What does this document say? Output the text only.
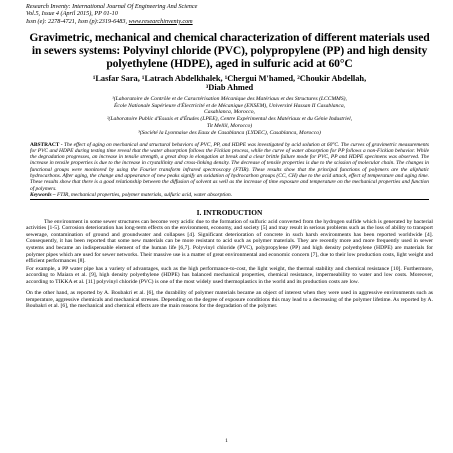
Research Inventy: International Journal Of Engineering And Science
Vol.5, Issue 4 (April 2015), PP 01-10
Issn (e): 2278-4721, Issn (p):2319-6483, www.researchinventy.com
Gravimetric, mechanical and chemical characterization of different materials used in sewers systems: Polyvinyl chloride (PVC), polypropylene (PP) and high density polyethylene (HDPE), aged in sulfuric acid at 60°C
¹Lasfar Sara, ¹Latrach Abdelkhalek, ¹Chergui M'hamed, ²Choukir Abdellah,
³Diab Ahmed
¹(Laboratoire de Contrôle et de Caractérisation Mécanique des Matériaux et des Structures (LCCMMS),
École Nationale Supérieure d'Électricité et de Mécanique (ENSEM), Université Hassan II Casablanca,
Casablanca, Morocco,
²(Laboratoire Public d'Essais et d'Études (LPEE), Centre Expérimental des Matériaux et du Génie Industriel,
Tit Mellil, Morocco)
³(Société la Lyonnaise des Eaux de Casablanca (LYDEC), Casablanca, Morocco)
ABSTRACT - The effect of aging on mechanical and structural behaviors of PVC, PP, and HDPE was investigated by acid solution at 60°C. The curves of gravimetric measurements for PVC and HDPE during testing time reveal that the water absorption follows the Fickian process, while the curve of water absorption for PP follows a non-Fickian behavior. While the degradation progresses, an increase in tensile strength, a great drop in elongation at break and a clear brittle failure mode for PVC, PP and HDPE specimens was observed. The increase in tensile properties is due to the increase in crystallinity and cross-linking density. The decrease of tensile properties is due to the scission of molecular chain. The changes in functional groups were monitored by using the Fourier transform infrared spectroscopy (FTIR). These results show that the principal functions of polymers are the aliphatic hydrocarbons. After aging, the change and appearance of new peaks signify an oxidation of hydrocarbon groups (CC, CH) due to the acid attack, effect of temperature and aging time. These results show that there is a good relationship between the diffusion of solvent as well as the increase of time exposure and temperature on the mechanical properties and function of polymers.
Keywords – FTIR, mechanical properties, polymer materials, sulfuric acid, water absorption.
I. INTRODUCTION

The environment in some sewer structures can become very acidic due to the formation of sulfuric acid converted from the hydrogen sulfide which is generated by bacterial activities [1-5]. Corrosion deterioration has long-term effects on the environment, economy, and society [5] and may result in serious problems such as the loss of ability to transport sewerage, contamination of ground and groundwater and collapses [4]. Significant deterioration of concrete in such harsh environments has been reported worldwide [4]. Consequently, it has been reported that some new materials can be more resistant to acid such as polymer materials. They are recently more and more frequently used in sewer systems and became an indispensable element of the human life [6,7]. Polyvinyl chloride (PVC), polypropylene (PP) and high density polyethylene (HDPE) are materials for polymer pipes which are used for sewer networks. Their massive use is a matter of great environmental and economic concern [7], due to their low production costs, light weight and efficient performances [8].

For example, a PP water pipe has a variety of advantages, such as the high performance-to-cost, the light weight, the thermal stability and chemical resistance [10]. Furthermore, according to Maiara et al. [9], high density polyethylene (HDPE) has balanced mechanical properties, chemical resistance, impermeability to water and low costs. Moreover, according to TIKKA et al. [11] polyvinyl chloride (PVC) is one of the most widely used thermoplastics in the world and its production costs are low.

On the other hand, as reported by A. Boubakri et al. [6], the durability of polymer materials became an object of interest when they were used in aggressive environments such as temperature, aggressive chemicals and mechanical stresses. Depending on the degree of exposure conditions this may lead to a decreasing of the polymer lifetime. As reported by A. Boubakri et al. [6], the mechanical and chemical effects are the main reasons for the degradation of the polymer.

1
